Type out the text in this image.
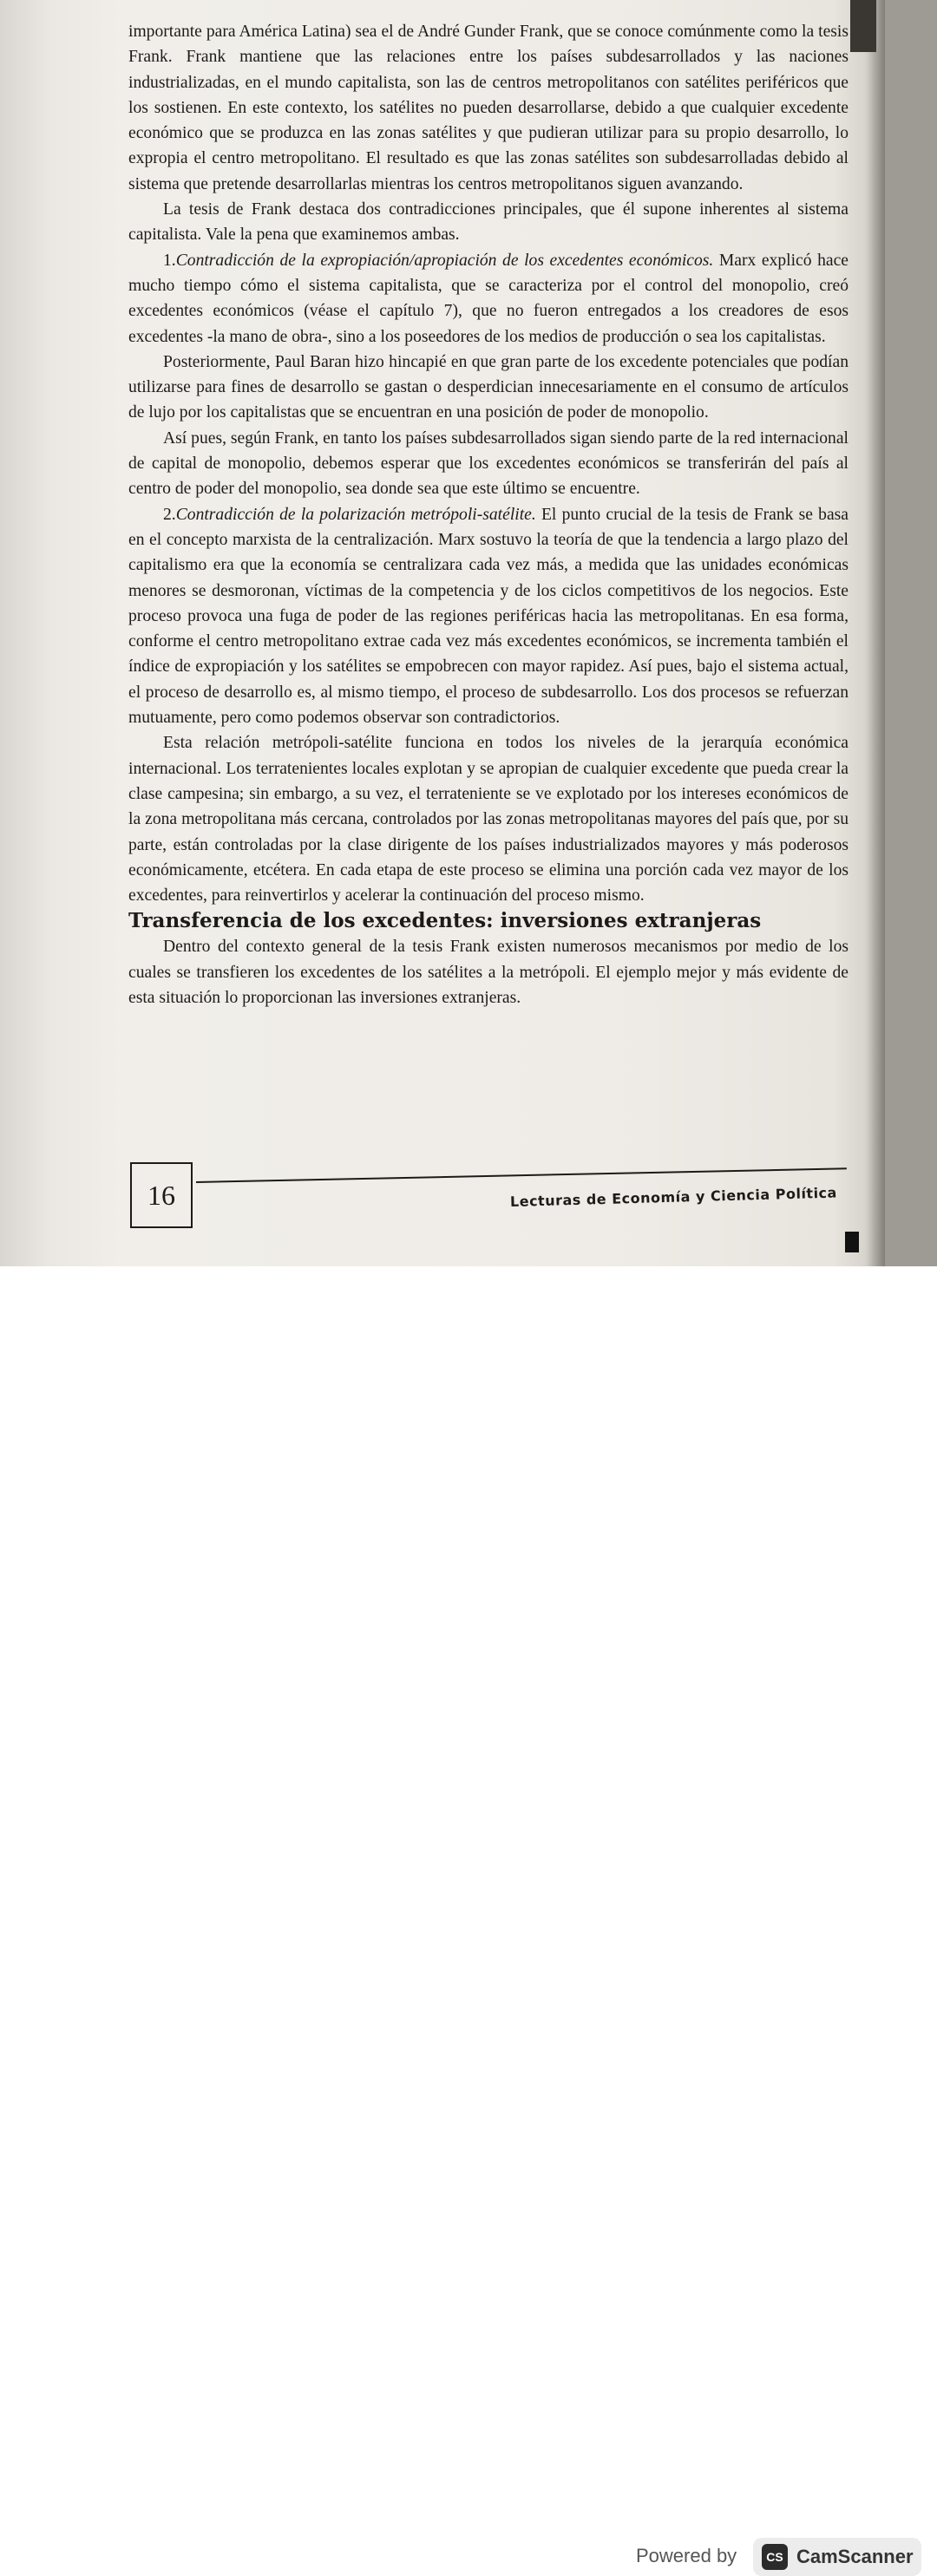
importante para América Latina) sea el de André Gunder Frank, que se conoce comúnmente como la tesis Frank. Frank mantiene que las relaciones entre los países subdesarrollados y las naciones industrializadas, en el mundo capitalista, son las de centros metropolitanos con satélites periféricos que los sostienen. En este contexto, los satélites no pueden desarrollarse, debido a que cualquier excedente económico que se produzca en las zonas satélites y que pudieran utilizar para su propio desarrollo, lo expropia el centro metropolitano. El resultado es que las zonas satélites son subdesarrolladas debido al sistema que pretende desarrollarlas mientras los centros metropolitanos siguen avanzando.

La tesis de Frank destaca dos contradicciones principales, que él supone inherentes al sistema capitalista. Vale la pena que examinemos ambas.

1.Contradicción de la expropiación/apropiación de los excedentes económicos. Marx explicó hace mucho tiempo cómo el sistema capitalista, que se caracteriza por el control del monopolio, creó excedentes económicos (véase el capítulo 7), que no fueron entregados a los creadores de esos excedentes -la mano de obra-, sino a los poseedores de los medios de producción o sea los capitalistas.

Posteriormente, Paul Baran hizo hincapié en que gran parte de los excedente potenciales que podían utilizarse para fines de desarrollo se gastan o desperdician innecesariamente en el consumo de artículos de lujo por los capitalistas que se encuentran en una posición de poder de monopolio.

Así pues, según Frank, en tanto los países subdesarrollados sigan siendo parte de la red internacional de capital de monopolio, debemos esperar que los excedentes económicos se transferirán del país al centro de poder del monopolio, sea donde sea que este último se encuentre.

2.Contradicción de la polarización metrópoli-satélite. El punto crucial de la tesis de Frank se basa en el concepto marxista de la centralización. Marx sostuvo la teoría de que la tendencia a largo plazo del capitalismo era que la economía se centralizara cada vez más, a medida que las unidades económicas menores se desmoronan, víctimas de la competencia y de los ciclos competitivos de los negocios. Este proceso provoca una fuga de poder de las regiones periféricas hacia las metropolitanas. En esa forma, conforme el centro metropolitano extrae cada vez más excedentes económicos, se incrementa también el índice de expropiación y los satélites se empobrecen con mayor rapidez. Así pues, bajo el sistema actual, el proceso de desarrollo es, al mismo tiempo, el proceso de subdesarrollo. Los dos procesos se refuerzan mutuamente, pero como podemos observar son contradictorios.

Esta relación metrópoli-satélite funciona en todos los niveles de la jerarquía económica internacional. Los terratenientes locales explotan y se apropian de cualquier excedente que pueda crear la clase campesina; sin embargo, a su vez, el terrateniente se ve explotado por los intereses económicos de la zona metropolitana más cercana, controlados por las zonas metropolitanas mayores del país que, por su parte, están controladas por la clase dirigente de los países industrializados mayores y más poderosos económicamente, etcétera. En cada etapa de este proceso se elimina una porción cada vez mayor de los excedentes, para reinvertirlos y acelerar la continuación del proceso mismo.

Transferencia de los excedentes: inversiones extranjeras

Dentro del contexto general de la tesis Frank existen numerosos mecanismos por medio de los cuales se transfieren los excedentes de los satélites a la metrópoli. El ejemplo mejor y más evidente de esta situación lo proporcionan las inversiones extranjeras.

16	Lecturas de Economía y Ciencia Política
Powered by	CS CamScanner
